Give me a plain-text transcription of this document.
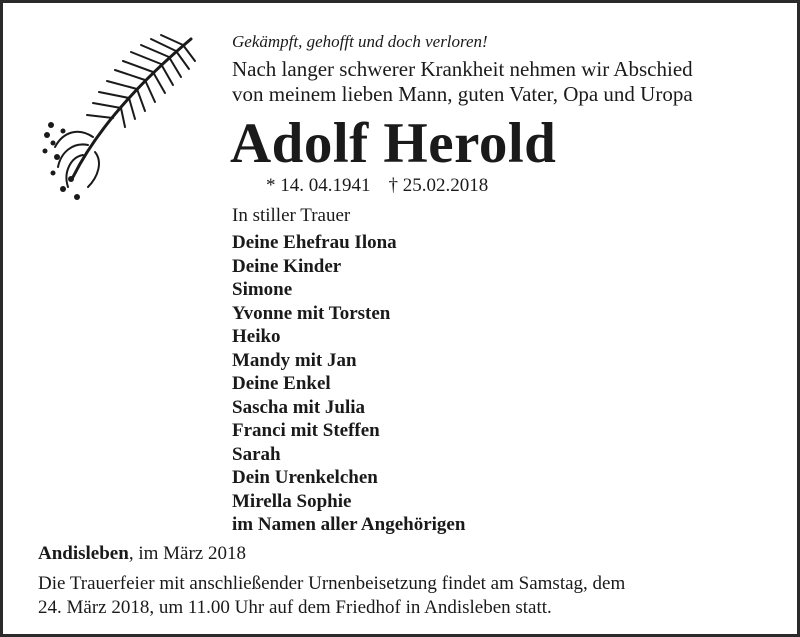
Gekämpft, gehofft und doch verloren!
Nach langer schwerer Krankheit nehmen wir Abschied
von meinem lieben Mann, guten Vater, Opa und Uropa
Adolf Herold
* 14. 04.1941 † 25.02.2018
In stiller Trauer
Deine Ehefrau Ilona
Deine Kinder
Simone
Yvonne mit Torsten
Heiko
Mandy mit Jan
Deine Enkel
Sascha mit Julia
Franci mit Steffen
Sarah
Dein Urenkelchen
Mirella Sophie
im Namen aller Angehörigen
Andisleben, im März 2018
Die Trauerfeier mit anschließender Urnenbeisetzung findet am Samstag, dem
24. März 2018, um 11.00 Uhr auf dem Friedhof in Andisleben statt.
